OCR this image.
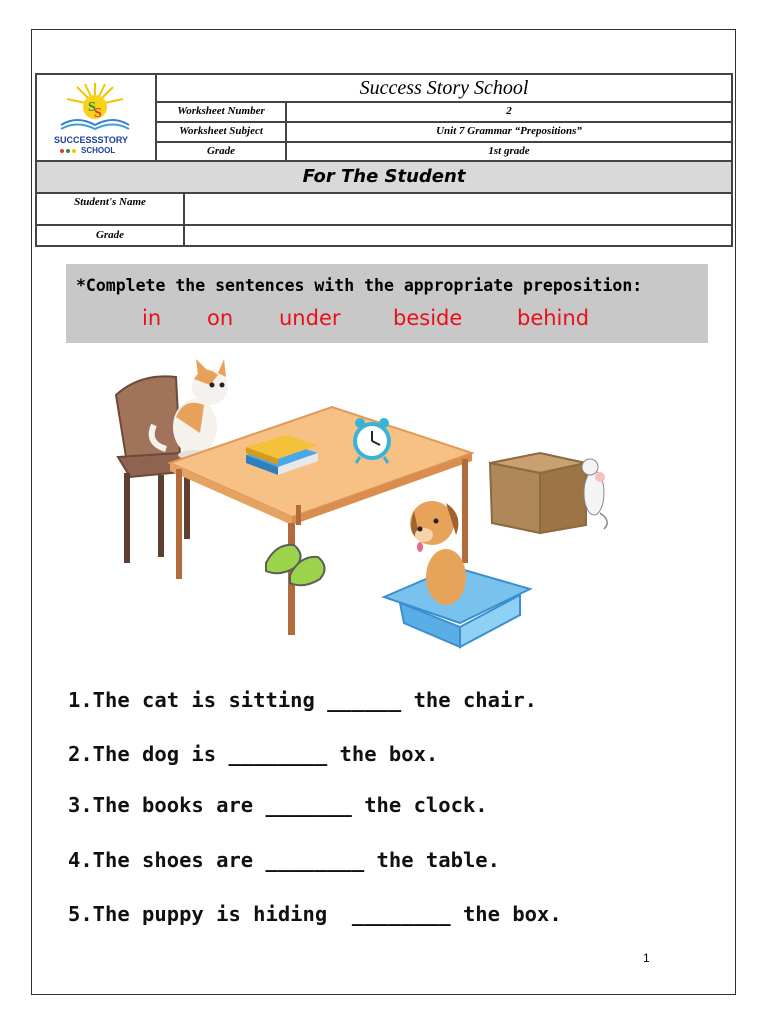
S
S
SUCCESSSTORY
SCHOOL
Success Story School
Worksheet Number	2
Worksheet Subject	Unit 7 Grammar “Prepositions”
Grade	1st grade
For The Student
Student's Name
Grade
*Complete the sentences with the appropriate preposition:
in on under beside	behind
1.The cat is sitting ______ the chair.
2.The dog is ________ the box.
3.The books are _______ the clock.
4.The shoes are ________ the table.
5.The puppy is hiding  ________ the box.
1
